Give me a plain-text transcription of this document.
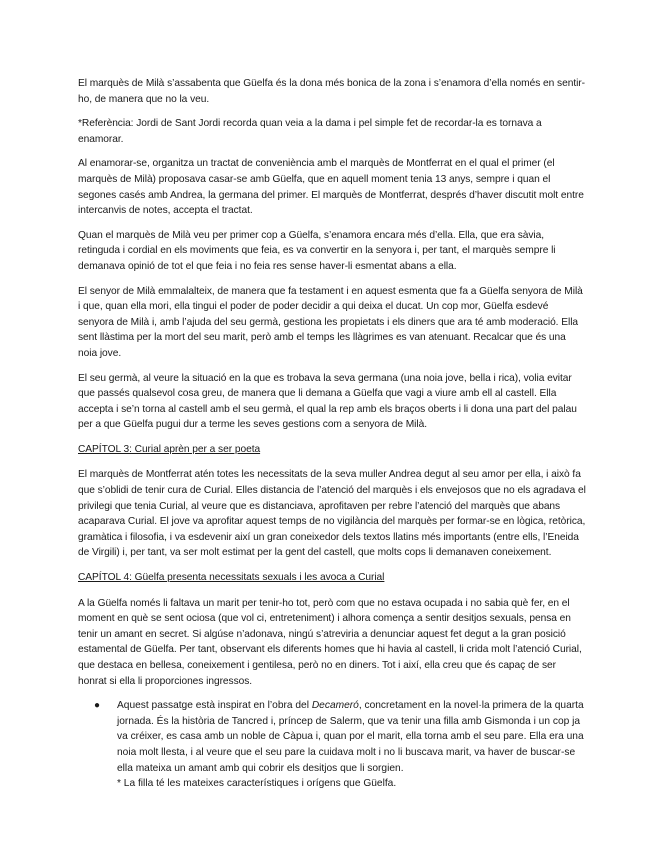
El marquès de Milà s’assabenta que Güelfa és la dona més bonica de la zona i s’enamora d’ella només en sentir-ho, de manera que no la veu.

*Referència: Jordi de Sant Jordi recorda quan veia a la dama i pel simple fet de recordar-la es tornava a enamorar.

Al enamorar-se, organitza un tractat de conveniència amb el marquès de Montferrat en el qual el primer (el marquès de Milà) proposava casar-se amb Güelfa, que en aquell moment tenia 13 anys, sempre i quan el segones casés amb Andrea, la germana del primer. El marquès de Montferrat, després d’haver discutit molt entre intercanvis de notes, accepta el tractat.

Quan el marquès de Milà veu per primer cop a Güelfa, s’enamora encara més d’ella. Ella, que era sàvia, retinguda i cordial en els moviments que feia, es va convertir en la senyora i, per tant, el marquès sempre li demanava opinió de tot el que feia i no feia res sense haver-li esmentat abans a ella.

El senyor de Milà emmalalteix, de manera que fa testament i en aquest esmenta que fa a Güelfa senyora de Milà i que, quan ella mori, ella tingui el poder de poder decidir a qui deixa el ducat. Un cop mor, Güelfa esdevé senyora de Milà i, amb l’ajuda del seu germà, gestiona les propietats i els diners que ara té amb moderació. Ella sent llàstima per la mort del seu marit, però amb el temps les llàgrimes es van atenuant. Recalcar que és una noia jove.

El seu germà, al veure la situació en la que es trobava la seva germana (una noia jove, bella i rica), volia evitar que passés qualsevol cosa greu, de manera que li demana a Güelfa que vagi a viure amb ell al castell. Ella accepta i se’n torna al castell amb el seu germà, el qual la rep amb els braços oberts i li dona una part del palau per a que Güelfa pugui dur a terme les seves gestions com a senyora de Milà.

CAPÍTOL 3: Curial aprèn per a ser poeta

El marquès de Montferrat atén totes les necessitats de la seva muller Andrea degut al seu amor per ella, i això fa que s’oblidi de tenir cura de Curial. Elles distancia de l’atenció del marquès i els envejosos que no els agradava el privilegi que tenia Curial, al veure que es distanciava, aprofitaven per rebre l’atenció del marquès que abans acaparava Curial. El jove va aprofitar aquest temps de no vigilància del marquès per formar-se en lògica, retòrica, gramàtica i filosofia, i va esdevenir així un gran coneixedor dels textos llatins més importants (entre ells, l’Eneida de Virgili) i, per tant, va ser molt estimat per la gent del castell, que molts cops li demanaven coneixement.

CAPÍTOL 4: Güelfa presenta necessitats sexuals i les avoca a Curial

A la Güelfa només li faltava un marit per tenir-ho tot, però com que no estava ocupada i no sabia què fer, en el moment en què se sent ociosa (que vol ci, entreteniment) i alhora comença a sentir desitjos sexuals, pensa en tenir un amant en secret. Si algúse n’adonava, ningú s’atreviria a denunciar aquest fet degut a la gran posició estamental de Güelfa. Per tant, observant els diferents homes que hi havia al castell, li crida molt l’atenció Curial, que destaca en bellesa, coneixement i gentilesa, però no en diners. Tot i així, ella creu que és capaç de ser honrat si ella li proporciones ingressos.

● Aquest passatge està inspirat en l’obra del Decameró, concretament en la novel·la primera de la quarta jornada. És la història de Tancred i, príncep de Salerm, que va tenir una filla amb Gismonda i un cop ja va créixer, es casa amb un noble de Càpua i, quan por el marit, ella torna amb el seu pare. Ella era una noia molt llesta, i al veure que el seu pare la cuidava molt i no li buscava marit, va haver de buscar-se ella mateixa un amant amb qui cobrir els desitjos que li sorgien.
* La filla té les mateixes característiques i orígens que Güelfa.
